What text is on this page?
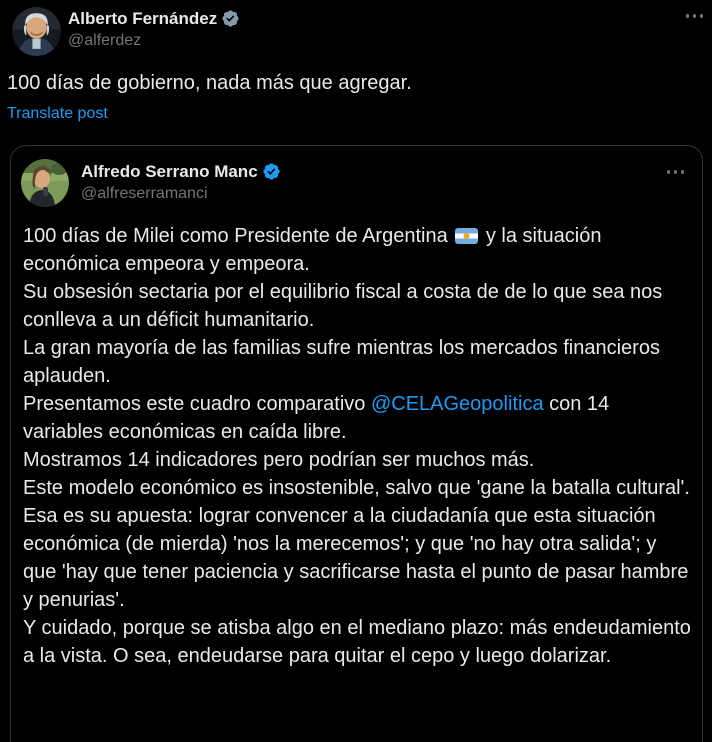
Alberto Fernández
@alferdez
100 días de gobierno, nada más que agregar.
Translate post
Alfredo Serrano Manc
@alfreserramanci
100 días de Milei como Presidente de Argentina  y la situación económica empeora y empeora.
Su obsesión sectaria por el equilibrio fiscal a costa de de lo que sea nos conlleva a un déficit humanitario.
La gran mayoría de las familias sufre mientras los mercados financieros aplauden.
Presentamos este cuadro comparativo @CELAGeopolitica con 14 variables económicas en caída libre.
Mostramos 14 indicadores pero podrían ser muchos más.
Este modelo económico es insostenible, salvo que 'gane la batalla cultural'.
Esa es su apuesta: lograr convencer a la ciudadanía que esta situación económica (de mierda) 'nos la merecemos'; y que 'no hay otra salida'; y que 'hay que tener paciencia y sacrificarse hasta el punto de pasar hambre y penurias'.
Y cuidado, porque se atisba algo en el mediano plazo: más endeudamiento a la vista. O sea, endeudarse para quitar el cepo y luego dolarizar.
